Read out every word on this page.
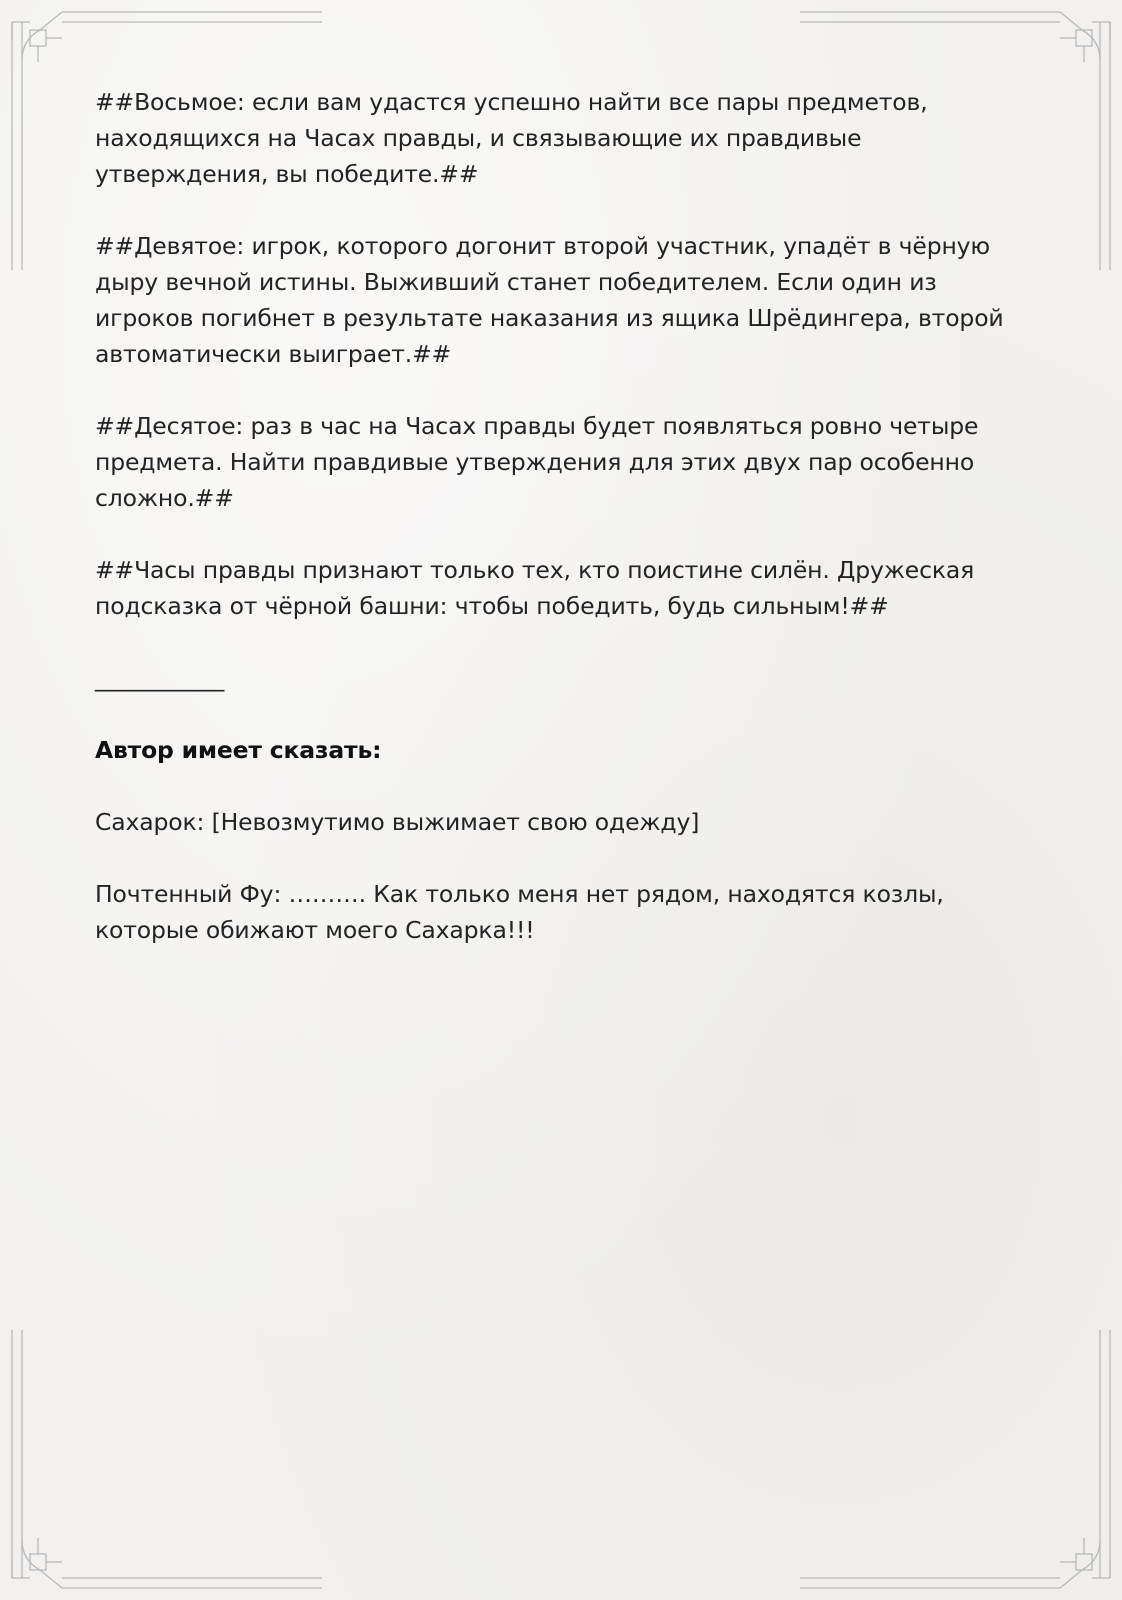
##Восьмое: если вам удастся успешно найти все пары предметов, находящихся на Часах правды, и связывающие их правдивые утверждения, вы победите.##

##Девятое: игрок, которого догонит второй участник, упадёт в чёрную дыру вечной истины. Выживший станет победителем. Если один из игроков погибнет в результате наказания из ящика Шрёдингера, второй автоматически выиграет.##

##Десятое: раз в час на Часах правды будет появляться ровно четыре предмета. Найти правдивые утверждения для этих двух пар особенно сложно.##

##Часы правды признают только тех, кто поистине силён. Дружеская подсказка от чёрной башни: чтобы победить, будь сильным!##

___________

Автор имеет сказать:

Сахарок: [Невозмутимо выжимает свою одежду]

Почтенный Фу: ………. Как только меня нет рядом, находятся козлы, которые обижают моего Сахарка!!!
